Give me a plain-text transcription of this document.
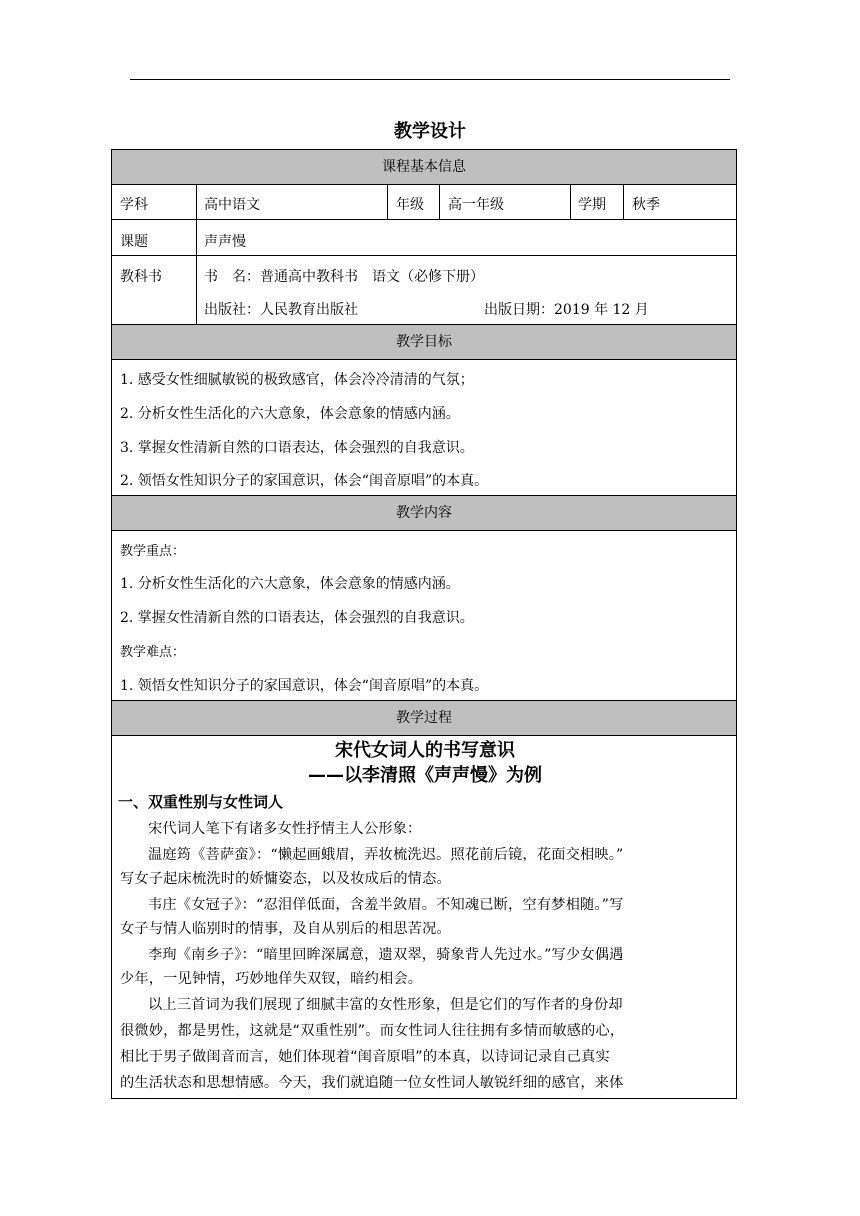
教学设计
课程基本信息
学科	高中语文	年级 高一年级	学期 秋季
课题	声声慢
教科书	书　名：普通高中教科书　语文（必修下册）
出版社：人民教育出版社	出版日期：2019 年 12 月
教学目标
1. 感受女性细腻敏锐的极致感官，体会冷冷清清的气氛；
2. 分析女性生活化的六大意象，体会意象的情感内涵。
3. 掌握女性清新自然的口语表达，体会强烈的自我意识。
2. 领悟女性知识分子的家国意识，体会“闺音原唱”的本真。
教学内容
教学重点：
1. 分析女性生活化的六大意象，体会意象的情感内涵。
2. 掌握女性清新自然的口语表达，体会强烈的自我意识。
教学难点：
1. 领悟女性知识分子的家国意识，体会“闺音原唱”的本真。
教学过程
宋代女词人的书写意识
——以李清照《声声慢》为例
一、双重性别与女性词人
宋代词人笔下有诸多女性抒情主人公形象：
温庭筠《菩萨蛮》：“懒起画蛾眉，弄妆梳洗迟。照花前后镜，花面交相映。”
写女子起床梳洗时的娇慵姿态，以及妆成后的情态。
韦庄《女冠子》：“忍泪佯低面，含羞半敛眉。不知魂已断，空有梦相随。”写
女子与情人临别时的情事，及自从别后的相思苦况。
李珣《南乡子》：“暗里回眸深属意，遗双翠，骑象背人先过水。”写少女偶遇
少年，一见钟情，巧妙地佯失双钗，暗约相会。
以上三首词为我们展现了细腻丰富的女性形象，但是它们的写作者的身份却
很微妙，都是男性，这就是“双重性别”。而女性词人往往拥有多情而敏感的心，
相比于男子做闺音而言，她们体现着“闺音原唱”的本真，以诗词记录自己真实
的生活状态和思想情感。今天，我们就追随一位女性词人敏锐纤细的感官，来体
